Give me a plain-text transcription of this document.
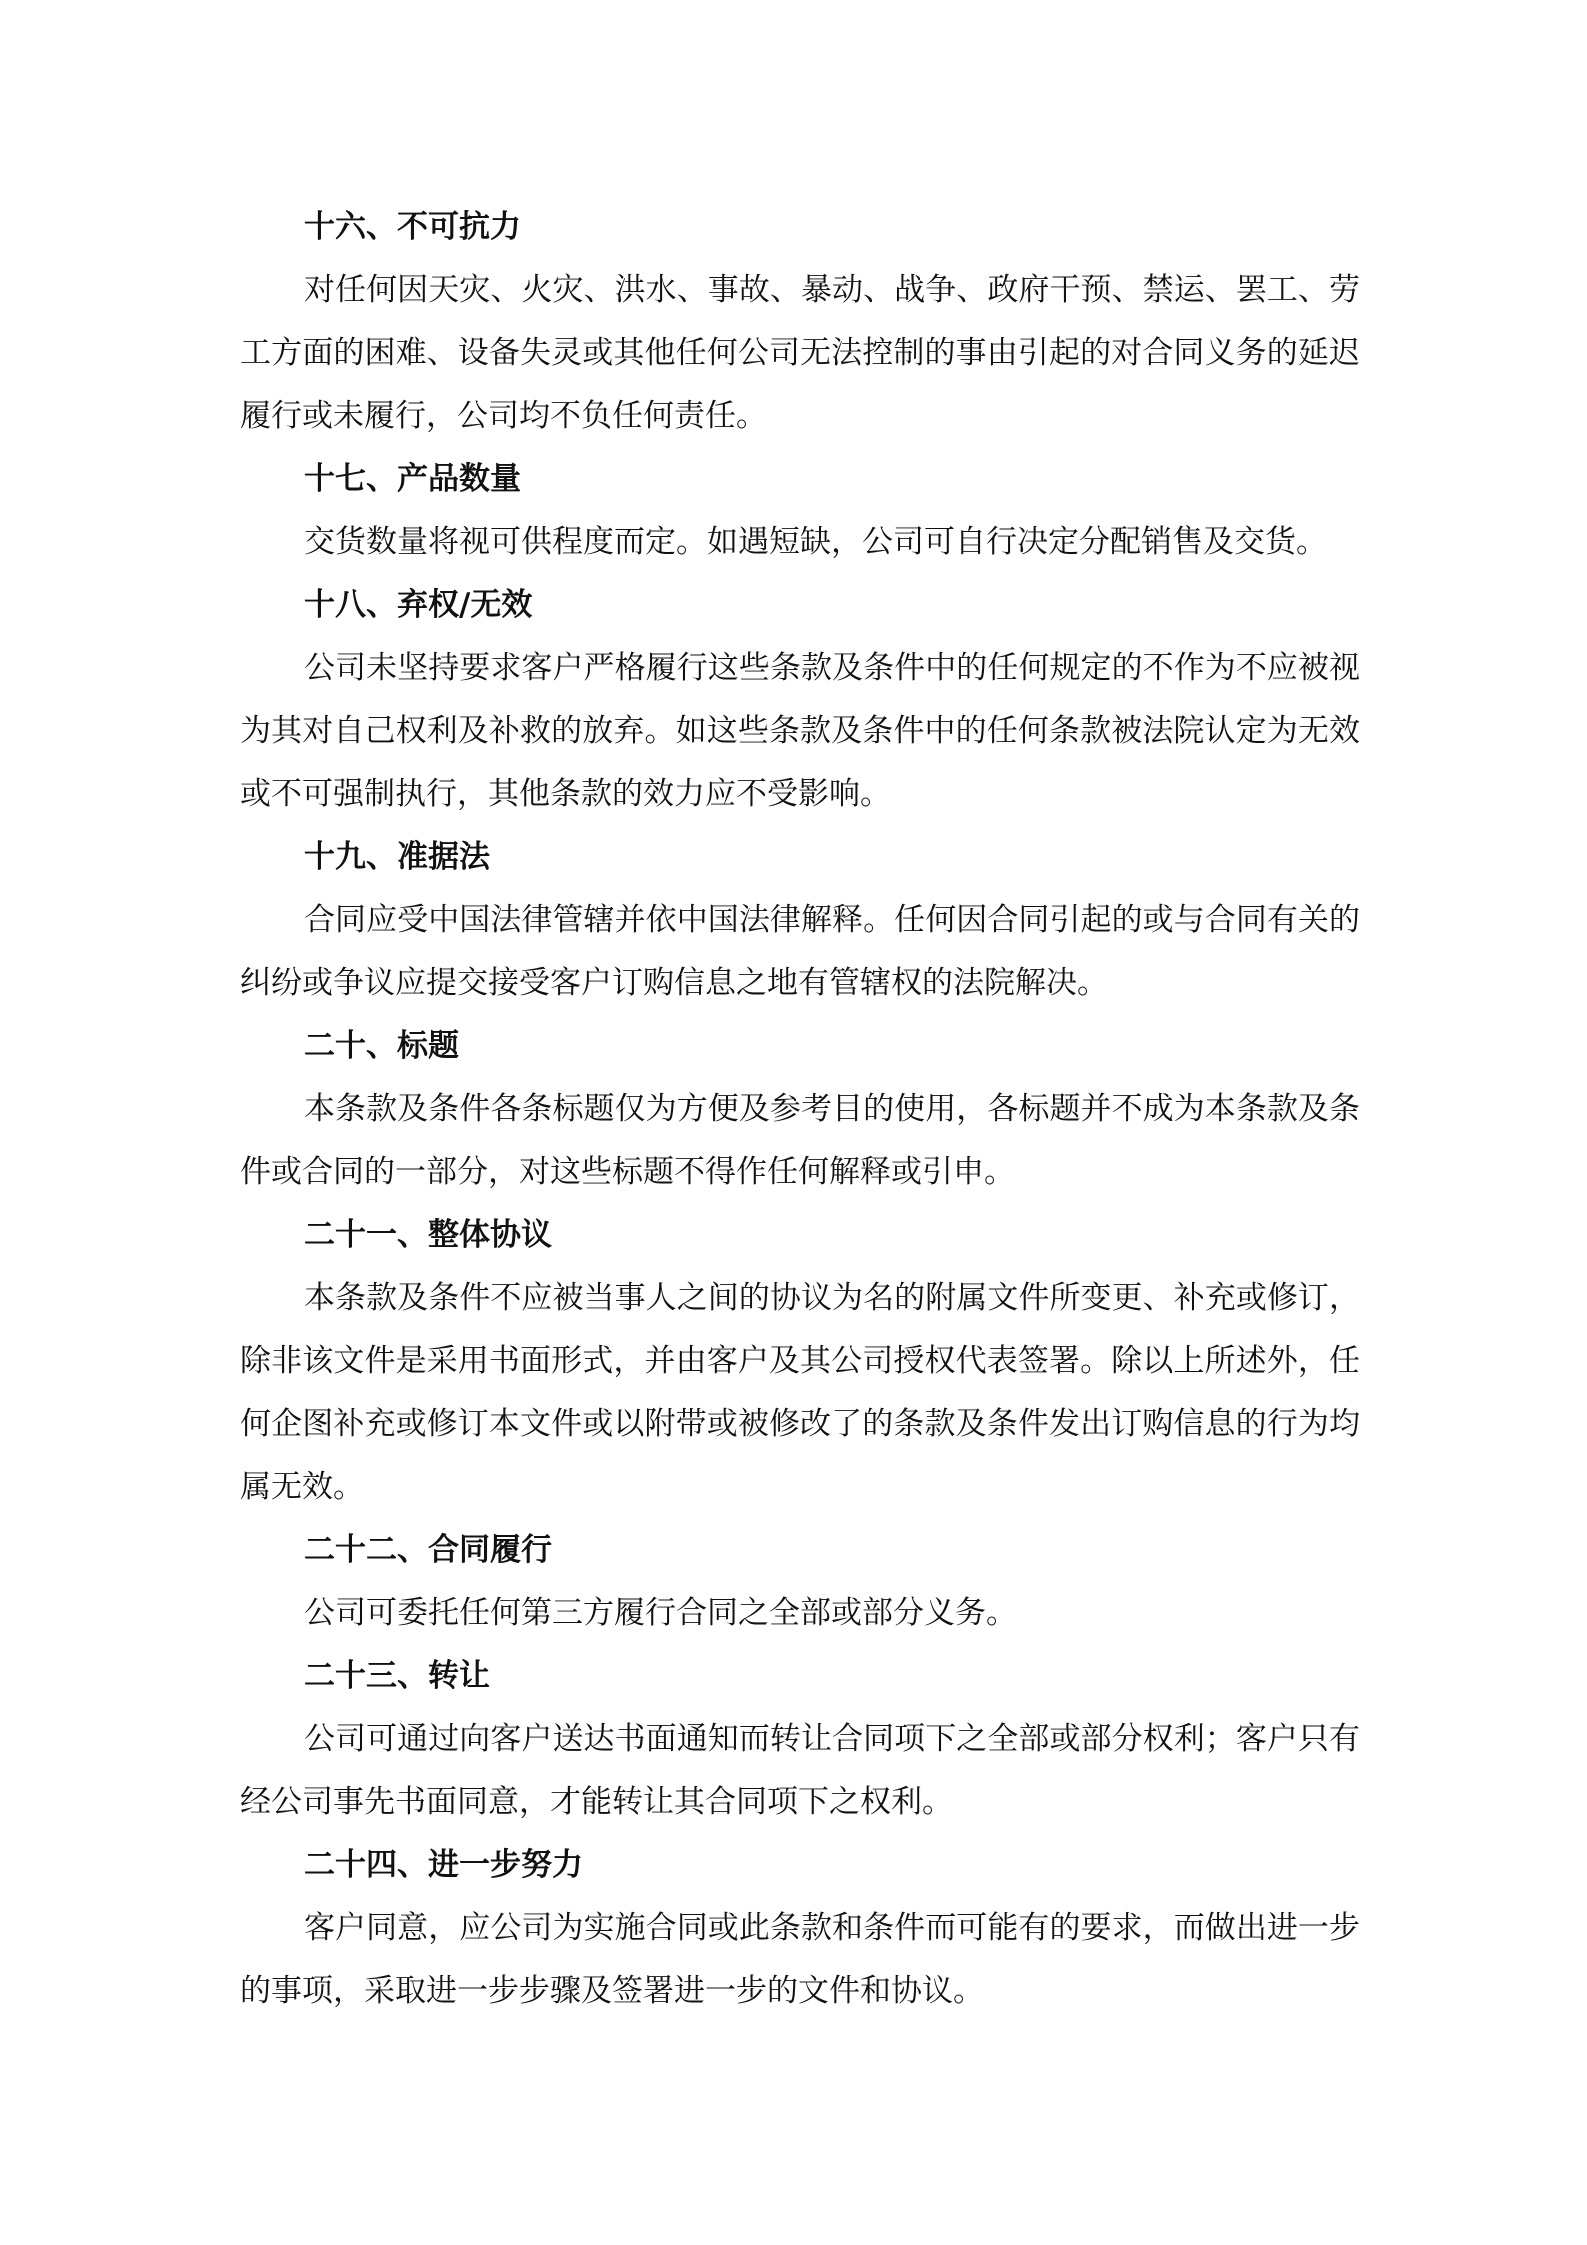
十六、不可抗力

对任何因天灾、火灾、洪水、事故、暴动、战争、政府干预、禁运、罢工、劳工方面的困难、设备失灵或其他任何公司无法控制的事由引起的对合同义务的延迟履行或未履行，公司均不负任何责任。

十七、产品数量

交货数量将视可供程度而定。如遇短缺，公司可自行决定分配销售及交货。

十八、弃权/无效

公司未坚持要求客户严格履行这些条款及条件中的任何规定的不作为不应被视为其对自己权利及补救的放弃。如这些条款及条件中的任何条款被法院认定为无效或不可强制执行，其他条款的效力应不受影响。

十九、准据法

合同应受中国法律管辖并依中国法律解释。任何因合同引起的或与合同有关的纠纷或争议应提交接受客户订购信息之地有管辖权的法院解决。

二十、标题

本条款及条件各条标题仅为方便及参考目的使用，各标题并不成为本条款及条件或合同的一部分，对这些标题不得作任何解释或引申。

二十一、整体协议

本条款及条件不应被当事人之间的协议为名的附属文件所变更、补充或修订，除非该文件是采用书面形式，并由客户及其公司授权代表签署。除以上所述外，任何企图补充或修订本文件或以附带或被修改了的条款及条件发出订购信息的行为均属无效。

二十二、合同履行

公司可委托任何第三方履行合同之全部或部分义务。

二十三、转让

公司可通过向客户送达书面通知而转让合同项下之全部或部分权利；客户只有经公司事先书面同意，才能转让其合同项下之权利。

二十四、进一步努力

客户同意，应公司为实施合同或此条款和条件而可能有的要求，而做出进一步的事项，采取进一步步骤及签署进一步的文件和协议。
